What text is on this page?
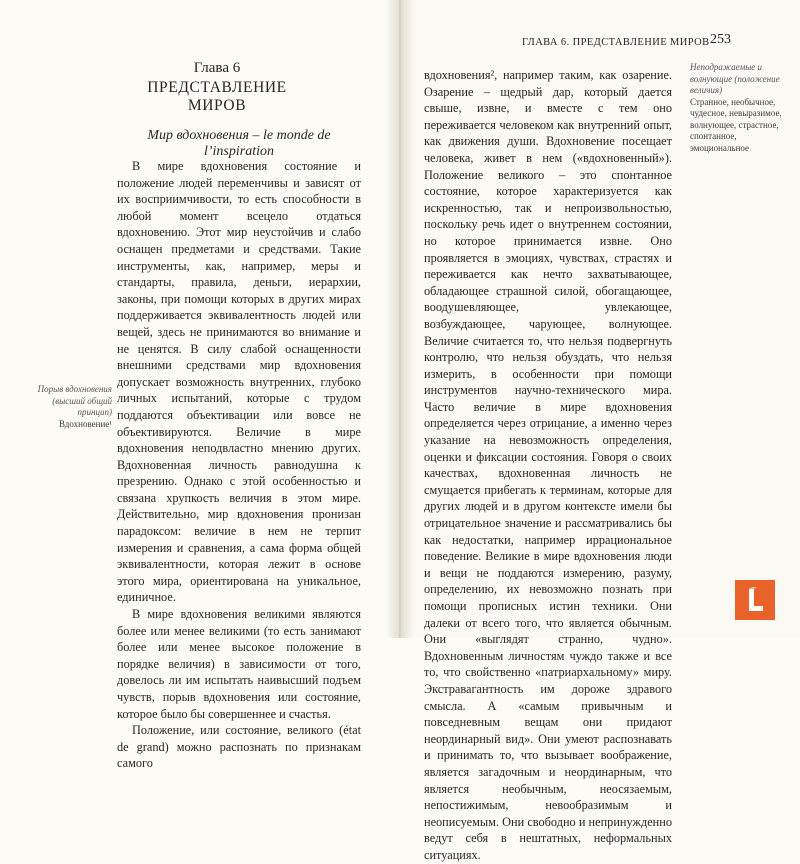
Глава 6
ПРЕДСТАВЛЕНИЕ МИРОВ
Мир вдохновения – le monde de l’inspiration

В мире вдохновения состояние и положение людей переменчивы и зависят от их восприимчивости, то есть способности в любой момент всецело отдаться вдохновению. Этот мир неустойчив и слабо оснащен предметами и средствами. Такие инструменты, как, например, меры и стандарты, правила, деньги, иерархии, законы, при помощи которых в других мирах поддерживается эквивалентность людей или вещей, здесь не принимаются во внимание и не ценятся. В силу слабой оснащенности внешними средствами мир вдохновения допускает возможность внутренних, глубоко личных испытаний, которые с трудом поддаются объективации или вовсе не объективируются. Величие в мире вдохновения неподвластно мнению других. Вдохновенная личность равнодушна к презрению. Однако с этой особенностью и связана хрупкость величия в этом мире. Действительно, мир вдохновения пронизан парадоксом: величие в нем не терпит измерения и сравнения, а сама форма общей эквивалентности, которая лежит в основе этого мира, ориентирована на уникальное, единичное.

В мире вдохновения великими являются более или менее великими (то есть занимают более или менее высокое положение в порядке величия) в зависимости от того, довелось ли им испытать наивысший подъем чувств, порыв вдохновения или состояние, которое было бы совершеннее и счастья.

Положение, или состояние, великого (état de grand) можно распознать по признакам самого

Порыв вдохновения (высший общий принцип)
Вдохновение¹
ГЛАВА 6. ПРЕДСТАВЛЕНИЕ МИРОВ 253

вдохновения², например таким, как озарение. Озарение – щедрый дар, который дается свыше, извне, и вместе с тем оно переживается человеком как внутренний опыт, как движения души. Вдохновение посещает человека, живет в нем («вдохновенный»). Положение великого – это спонтанное состояние, которое характеризуется как искренностью, так и непроизвольностью, поскольку речь идет о внутреннем состоянии, но которое принимается извне. Оно проявляется в эмоциях, чувствах, страстях и переживается как нечто захватывающее, обладающее страшной силой, обогащающее, воодушевляющее, увлекающее, возбуждающее, чарующее, волнующее. Величие считается то, что нельзя подвергнуть контролю, что нельзя обуздать, что нельзя измерить, в особенности при помощи инструментов научно-технического мира. Часто величие в мире вдохновения определяется через отрицание, а именно через указание на невозможность определения, оценки и фиксации состояния. Говоря о своих качествах, вдохновенная личность не смущается прибегать к терминам, которые для других людей и в другом контексте имели бы отрицательное значение и рассматривались бы как недостатки, например иррациональное поведение. Великие в мире вдохновения люди и вещи не поддаются измерению, разуму, определению, их невозможно познать при помощи прописных истин техники. Они далеки от всего того, что является обычным. Они «выглядят странно, чудно». Вдохновенным личностям чуждо также и все то, что свойственно «патриархальному» миру. Экстравагантность им дороже здравого смысла. А «самым привычным и повседневным вещам они придают неординарный вид». Они умеют распознавать и принимать то, что вызывает воображение, является загадочным и неординарным, что является необычным, неосязаемым, непостижимым, невообразимым и неописуемым. Они свободно и непринужденно ведут себя в нештатных, неформальных ситуациях.

Неподражаемые и волнующие (положение величия)
Странное, необычное, чудесное, невыразимое, волнующее, страстное, спонтанное, эмоциональное
